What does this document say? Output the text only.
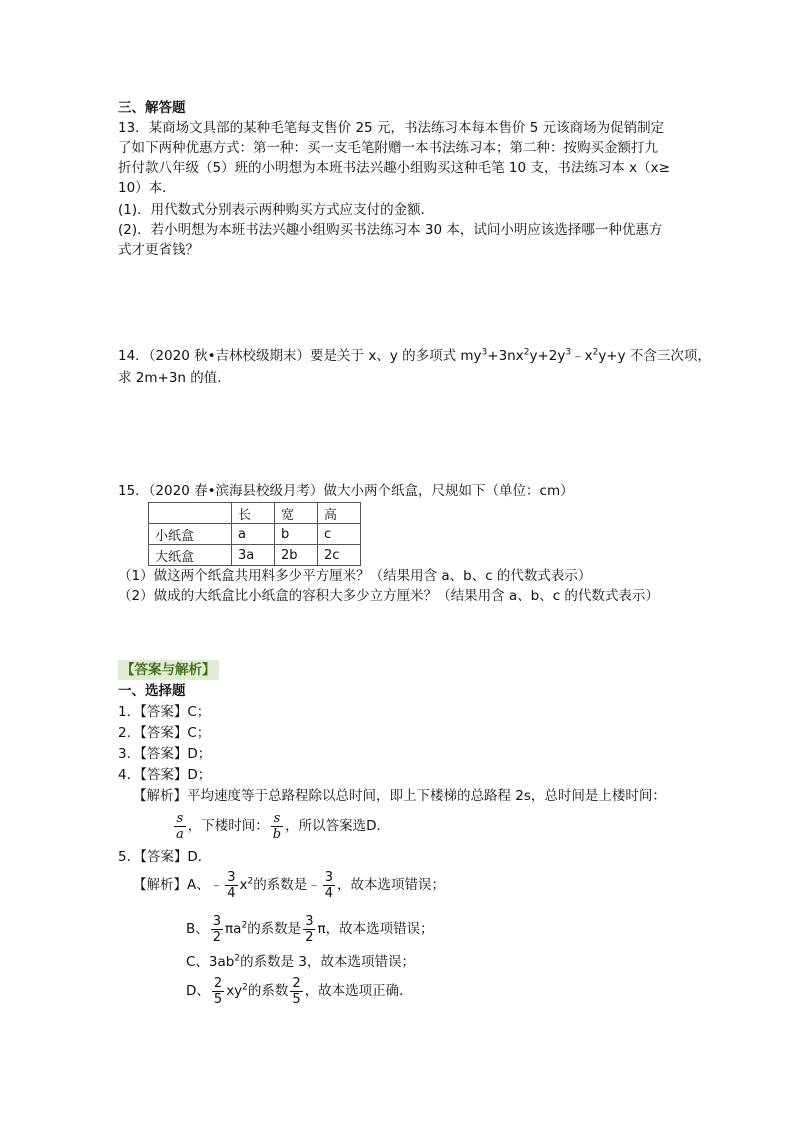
三、解答题
13．某商场文具部的某种毛笔每支售价 25 元，书法练习本每本售价 5 元该商场为促销制定
了如下两种优惠方式：第一种：买一支毛笔附赠一本书法练习本；第二种：按购买金额打九
折付款八年级（5）班的小明想为本班书法兴趣小组购买这种毛笔 10 支，书法练习本 x（x≥
10）本．
(1)．用代数式分别表示两种购买方式应支付的金额．
(2)．若小明想为本班书法兴趣小组购买书法练习本 30 本，试问小明应该选择哪一种优惠方
式才更省钱？
14．（2020 秋•吉林校级期末）要是关于 x、y 的多项式 $my^3+3nx^2y+2y^3﹣x^2y+y$ 不含三次项，
求 2m+3n 的值．
15．（2020 春•滨海县校级月考）做大小两个纸盒，尺规如下（单位：cm）
	长	宽	高
小纸盒	a	b	c
大纸盒	3a	2b	2c
（1）做这两个纸盒共用料多少平方厘米？（结果用含 a、b、c 的代数式表示）
（2）做成的大纸盒比小纸盒的容积大多少立方厘米？（结果用含 a、b、c 的代数式表示）
【答案与解析】
一、选择题
1．【答案】C；
2．【答案】C；
3．【答案】D；
4．【答案】D；
【解析】平均速度等于总路程除以总时间，即上下楼梯的总路程 2s，总时间是上楼时间：
$\frac{s}{a}$ ，下楼时间： $\frac{s}{b}$ ，所以答案选D．
5．【答案】D．
【解析】A、﹣ $\frac{3}{4} x^2$的系数是﹣ $\frac{3}{4}$ ，故本选项错误；
B、 $\frac{3}{2} \pi a^2$的系数是 $\frac{3}{2}$ π，故本选项错误；
C、$3ab^2$的系数是 3，故本选项错误；
D、 $\frac{2}{5} xy^2$的系数 $\frac{2}{5}$ ，故本选项正确．
